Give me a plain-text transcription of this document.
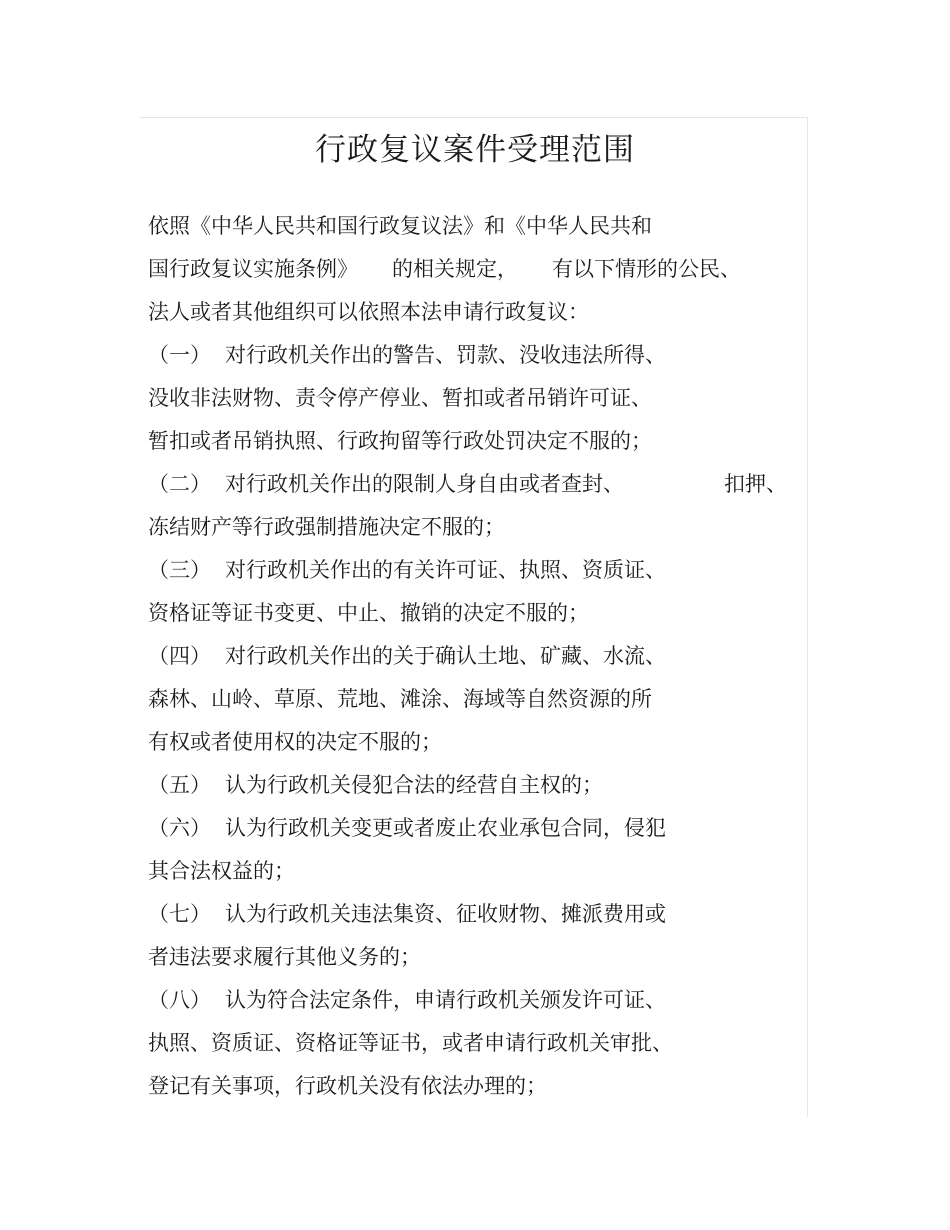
行政复议案件受理范围
依照《中华人民共和国行政复议法》和《中华人民共和
国行政复议实施条例》 的相关规定， 有以下情形的公民、
法人或者其他组织可以依照本法申请行政复议：
（一） 对行政机关作出的警告、罚款、没收违法所得、
没收非法财物、责令停产停业、暂扣或者吊销许可证、
暂扣或者吊销执照、行政拘留等行政处罚决定不服的；
（二） 对行政机关作出的限制人身自由或者查封、	扣押、
冻结财产等行政强制措施决定不服的；
（三） 对行政机关作出的有关许可证、执照、资质证、
资格证等证书变更、中止、撤销的决定不服的；
（四） 对行政机关作出的关于确认土地、矿藏、水流、
森林、山岭、草原、荒地、滩涂、海域等自然资源的所
有权或者使用权的决定不服的；
（五） 认为行政机关侵犯合法的经营自主权的；
（六） 认为行政机关变更或者废止农业承包合同，侵犯
其合法权益的；
（七） 认为行政机关违法集资、征收财物、摊派费用或
者违法要求履行其他义务的；
（八） 认为符合法定条件，申请行政机关颁发许可证、
执照、资质证、资格证等证书，或者申请行政机关审批、
登记有关事项，行政机关没有依法办理的；
